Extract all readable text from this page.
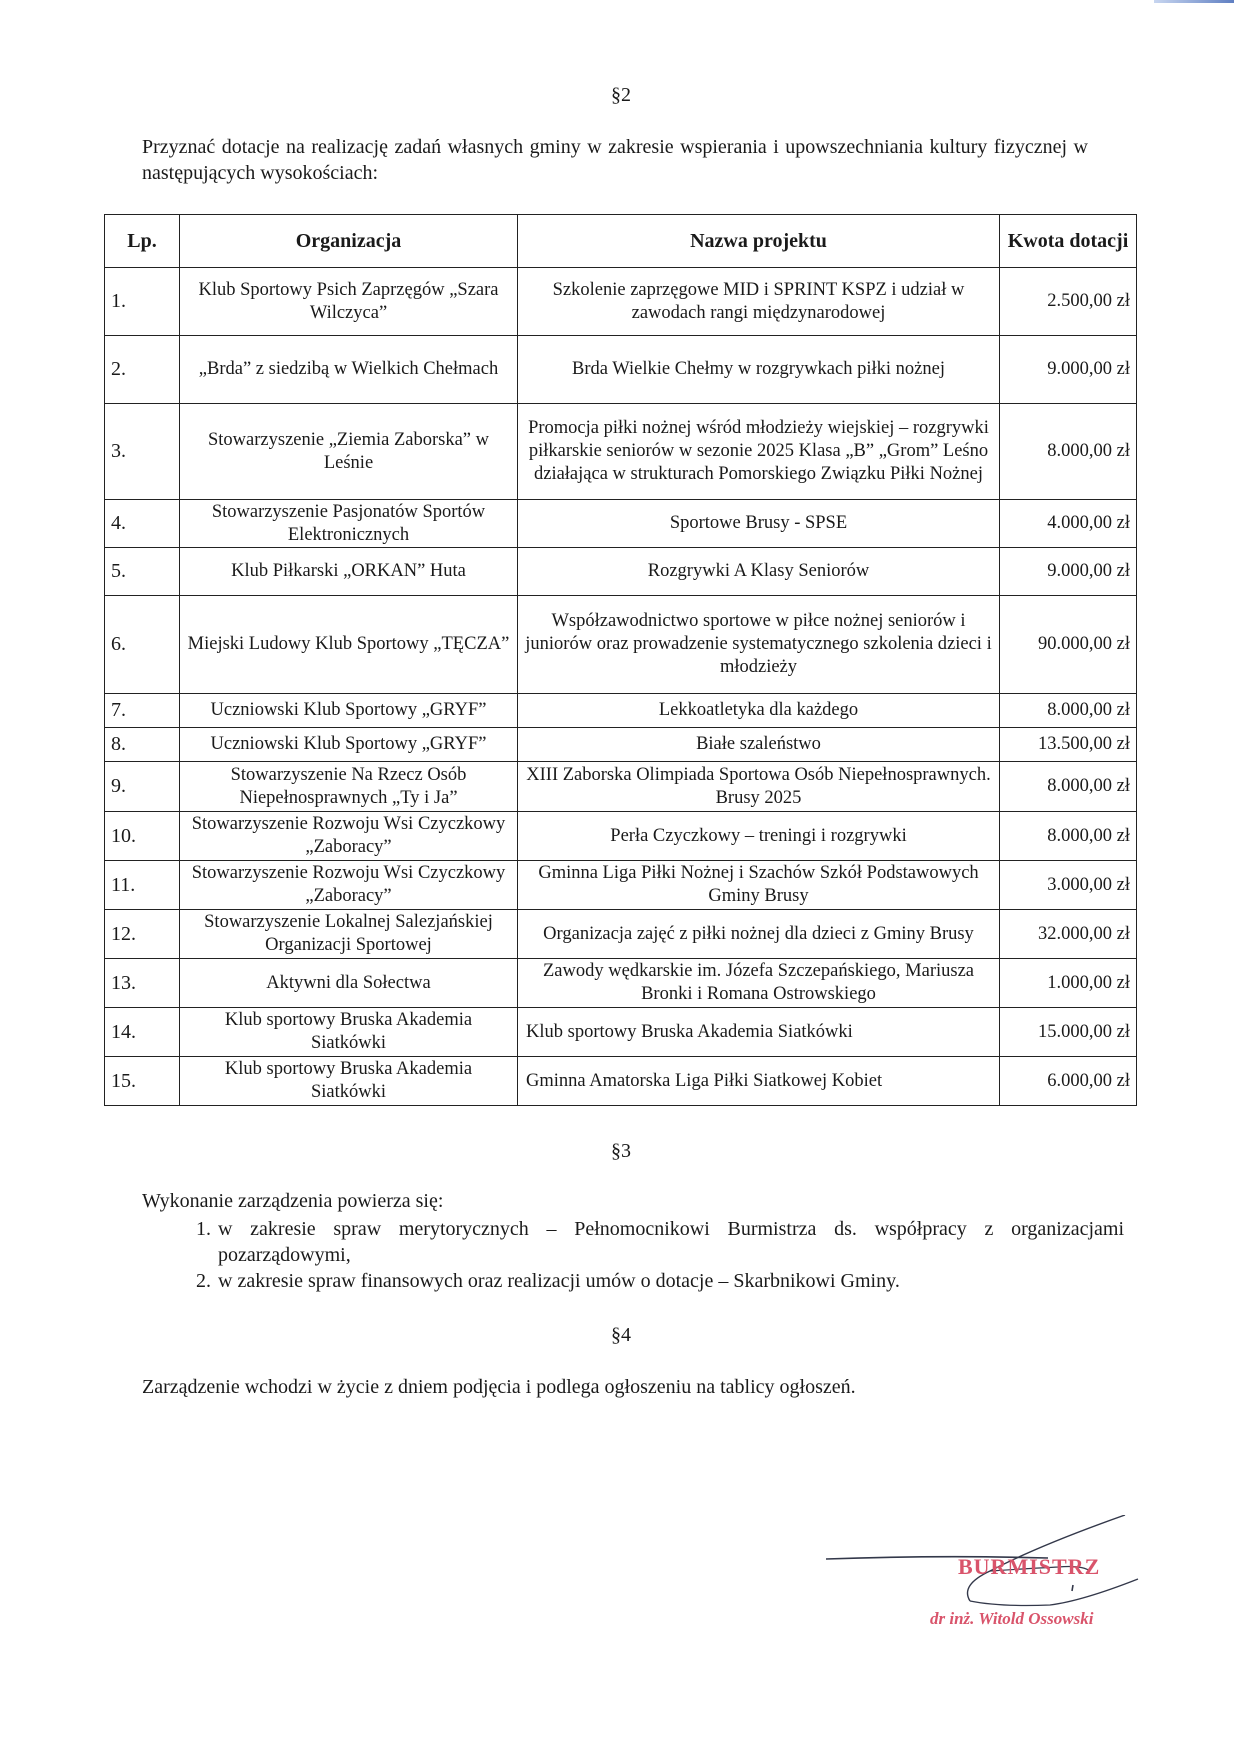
§2

Przyznać dotacje na realizację zadań własnych gminy w zakresie wspierania i upowszechniania kultury fizycznej w następujących wysokościach:

Lp.	Organizacja	Nazwa projektu	Kwota dotacji
1.	Klub Sportowy Psich Zaprzęgów „Szara Wilczyca”	Szkolenie zaprzęgowe MID i SPRINT KSPZ i udział w zawodach rangi międzynarodowej	2.500,00 zł
2.	„Brda” z siedzibą w Wielkich Chełmach	Brda Wielkie Chełmy w rozgrywkach piłki nożnej	9.000,00 zł
3.	Stowarzyszenie „Ziemia Zaborska” w Leśnie	Promocja piłki nożnej wśród młodzieży wiejskiej – rozgrywki piłkarskie seniorów w sezonie 2025 Klasa „B” „Grom” Leśno działająca w strukturach Pomorskiego Związku Piłki Nożnej	8.000,00 zł
4.	Stowarzyszenie Pasjonatów Sportów Elektronicznych	Sportowe Brusy - SPSE	4.000,00 zł
5.	Klub Piłkarski „ORKAN” Huta	Rozgrywki A Klasy Seniorów	9.000,00 zł
6.	Miejski Ludowy Klub Sportowy „TĘCZA”	Współzawodnictwo sportowe w piłce nożnej seniorów i juniorów oraz prowadzenie systematycznego szkolenia dzieci i młodzieży	90.000,00 zł
7.	Uczniowski Klub Sportowy „GRYF”	Lekkoatletyka dla każdego	8.000,00 zł
8.	Uczniowski Klub Sportowy „GRYF”	Białe szaleństwo	13.500,00 zł
9.	Stowarzyszenie Na Rzecz Osób Niepełnosprawnych „Ty i Ja”	XIII Zaborska Olimpiada Sportowa Osób Niepełnosprawnych. Brusy 2025	8.000,00 zł
10.	Stowarzyszenie Rozwoju Wsi Czyczkowy „Zaboracy”	Perła Czyczkowy – treningi i rozgrywki	8.000,00 zł
11.	Stowarzyszenie Rozwoju Wsi Czyczkowy „Zaboracy”	Gminna Liga Piłki Nożnej i Szachów Szkół Podstawowych Gminy Brusy	3.000,00 zł
12.	Stowarzyszenie Lokalnej Salezjańskiej Organizacji Sportowej	Organizacja zajęć z piłki nożnej dla dzieci z Gminy Brusy	32.000,00 zł
13.	Aktywni dla Sołectwa	Zawody wędkarskie im. Józefa Szczepańskiego, Mariusza Bronki i Romana Ostrowskiego	1.000,00 zł
14.	Klub sportowy Bruska Akademia Siatkówki	Klub sportowy Bruska Akademia Siatkówki	15.000,00 zł
15.	Klub sportowy Bruska Akademia Siatkówki	Gminna Amatorska Liga Piłki Siatkowej Kobiet	6.000,00 zł
§3

Wykonanie zarządzenia powierza się:

1. w zakresie spraw merytorycznych – Pełnomocnikowi Burmistrza ds. współpracy z organizacjami pozarządowymi,
2. w zakresie spraw finansowych oraz realizacji umów o dotacje – Skarbnikowi Gminy.
§4

Zarządzenie wchodzi w życie z dniem podjęcia i podlega ogłoszeniu na tablicy ogłoszeń.

BURMISTRZ
dr inż. Witold Ossowski
